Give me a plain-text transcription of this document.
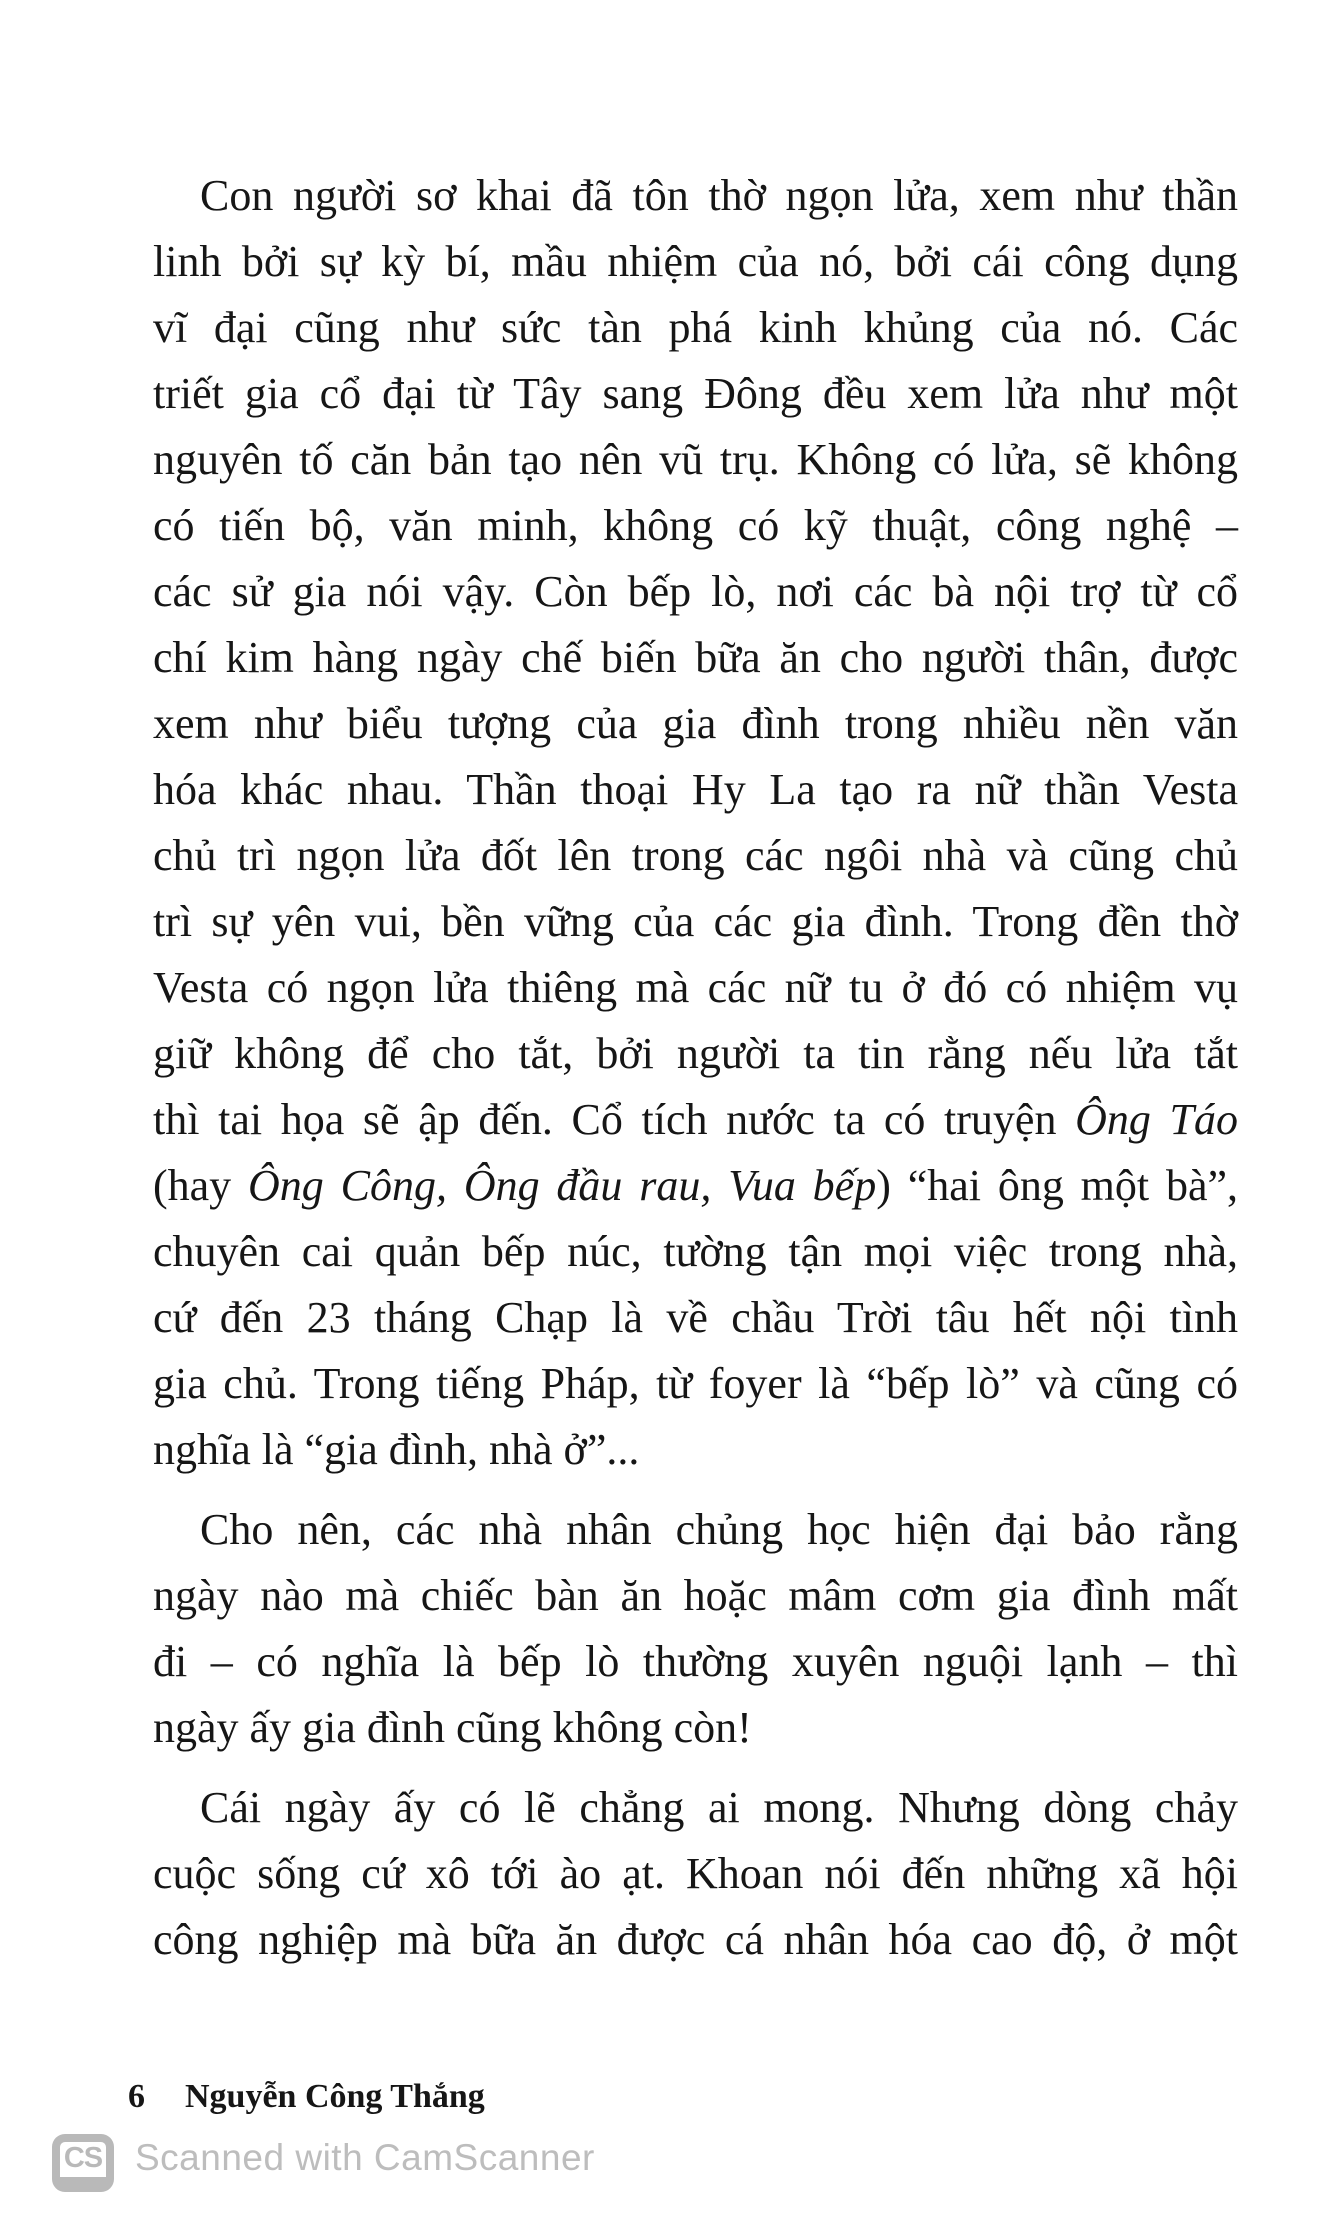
Con người sơ khai đã tôn thờ ngọn lửa, xem như thần
linh bởi sự kỳ bí, mầu nhiệm của nó, bởi cái công dụng
vĩ đại cũng như sức tàn phá kinh khủng của nó. Các
triết gia cổ đại từ Tây sang Đông đều xem lửa như một
nguyên tố căn bản tạo nên vũ trụ. Không có lửa, sẽ không
có tiến bộ, văn minh, không có kỹ thuật, công nghệ –
các sử gia nói vậy. Còn bếp lò, nơi các bà nội trợ từ cổ
chí kim hàng ngày chế biến bữa ăn cho người thân, được
xem như biểu tượng của gia đình trong nhiều nền văn
hóa khác nhau. Thần thoại Hy La tạo ra nữ thần Vesta
chủ trì ngọn lửa đốt lên trong các ngôi nhà và cũng chủ
trì sự yên vui, bền vững của các gia đình. Trong đền thờ
Vesta có ngọn lửa thiêng mà các nữ tu ở đó có nhiệm vụ
giữ không để cho tắt, bởi người ta tin rằng nếu lửa tắt
thì tai họa sẽ ập đến. Cổ tích nước ta có truyện Ông Táo
(hay Ông Công, Ông đầu rau, Vua bếp) “hai ông một bà”,
chuyên cai quản bếp núc, tường tận mọi việc trong nhà,
cứ đến 23 tháng Chạp là về chầu Trời tâu hết nội tình
gia chủ. Trong tiếng Pháp, từ foyer là “bếp lò” và cũng có
nghĩa là “gia đình, nhà ở”...
Cho nên, các nhà nhân chủng học hiện đại bảo rằng
ngày nào mà chiếc bàn ăn hoặc mâm cơm gia đình mất
đi – có nghĩa là bếp lò thường xuyên nguội lạnh – thì
ngày ấy gia đình cũng không còn!
Cái ngày ấy có lẽ chẳng ai mong. Nhưng dòng chảy
cuộc sống cứ xô tới ào ạt. Khoan nói đến những xã hội
công nghiệp mà bữa ăn được cá nhân hóa cao độ, ở một
6 Nguyễn Công Thắng
CS Scanned with CamScanner
